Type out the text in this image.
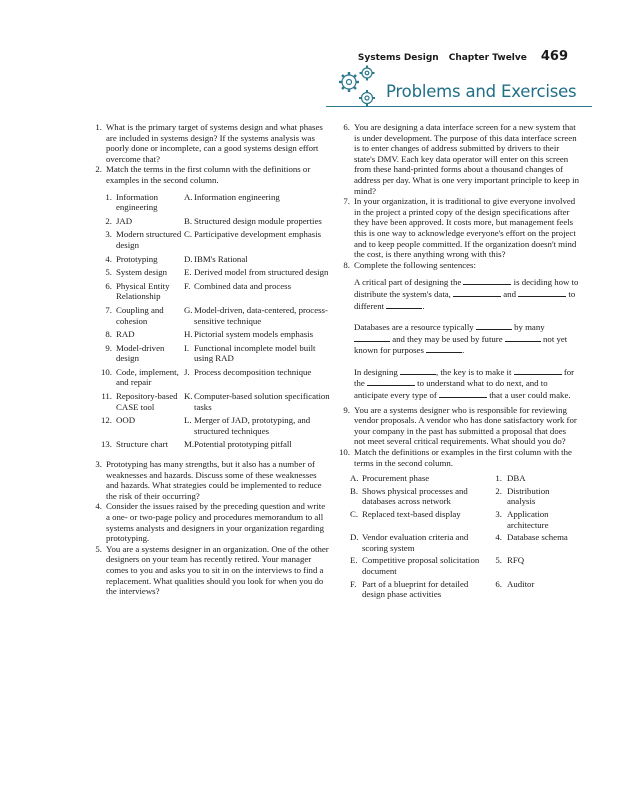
Systems Design Chapter Twelve 469
Problems and Exercises

1. What is the primary target of systems design and what phases are included in systems design? If the systems analysis was poorly done or incomplete, can a good systems design effort overcome that?

2. Match the terms in the first column with the definitions or examples in the second column.

1.	Information engineering	A.	Information engineering
2.	JAD	B.	Structured design module properties
3.	Modern structured design	C.	Participative development emphasis
4.	Prototyping	D.	IBM's Rational
5.	System design	E.	Derived model from structured design
6.	Physical Entity Relationship	F.	Combined data and process
7.	Coupling and cohesion	G.	Model-driven, data-centered, process-sensitive technique
8.	RAD	H.	Pictorial system models emphasis
9.	Model-driven design	I.	Functional incomplete model built using RAD
10.	Code, implement, and repair	J.	Process decomposition technique
11.	Repository-based CASE tool	K.	Computer-based solution specification tasks
12.	OOD	L.	Merger of JAD, prototyping, and structured techniques
13.	Structure chart	M.	Potential prototyping pitfall

3. Prototyping has many strengths, but it also has a number of weaknesses and hazards. Discuss some of these weaknesses and hazards. What strategies could be implemented to reduce the risk of their occurring?

4. Consider the issues raised by the preceding question and write a one- or two-page policy and procedures memorandum to all systems analysts and designers in your organization regarding prototyping.

5. You are a systems designer in an organization. One of the other designers on your team has recently retired. Your manager comes to you and asks you to sit in on the interviews to find a replacement. What qualities should you look for when you do the interviews?

6. You are designing a data interface screen for a new system that is under development. The purpose of this data interface screen is to enter changes of address submitted by drivers to their state's DMV. Each key data operator will enter on this screen from these hand-printed forms about a thousand changes of address per day. What is one very important principle to keep in mind?

7. In your organization, it is traditional to give everyone involved in the project a printed copy of the design specifications after they have been approved. It costs more, but management feels this is one way to acknowledge everyone's effort on the project and to keep people committed. If the organization doesn't mind the cost, is there anything wrong with this?

8. Complete the following sentences:

A critical part of designing the	is deciding how to distribute the system's data,	and	to different	.
Databases are a resource typically	by many  and they may be used by future	not yet known for purposes	.
In designing	, the key is to make it	for the	to understand what to do next, and to anticipate every type of	that a user could make.

9. You are a systems designer who is responsible for reviewing vendor proposals. A vendor who has done satisfactory work for your company in the past has submitted a proposal that does not meet several critical requirements. What should you do?

10. Match the definitions or examples in the first column with the terms in the second column.

A.	Procurement phase	1.	DBA
B.	Shows physical processes and databases across network	2.	Distribution analysis
C.	Replaced text-based display	3.	Application architecture
D.	Vendor evaluation criteria and scoring system	4.	Database schema
E.	Competitive proposal solicitation document	5.	RFQ
F.	Part of a blueprint for detailed design phase activities	6.	Auditor
